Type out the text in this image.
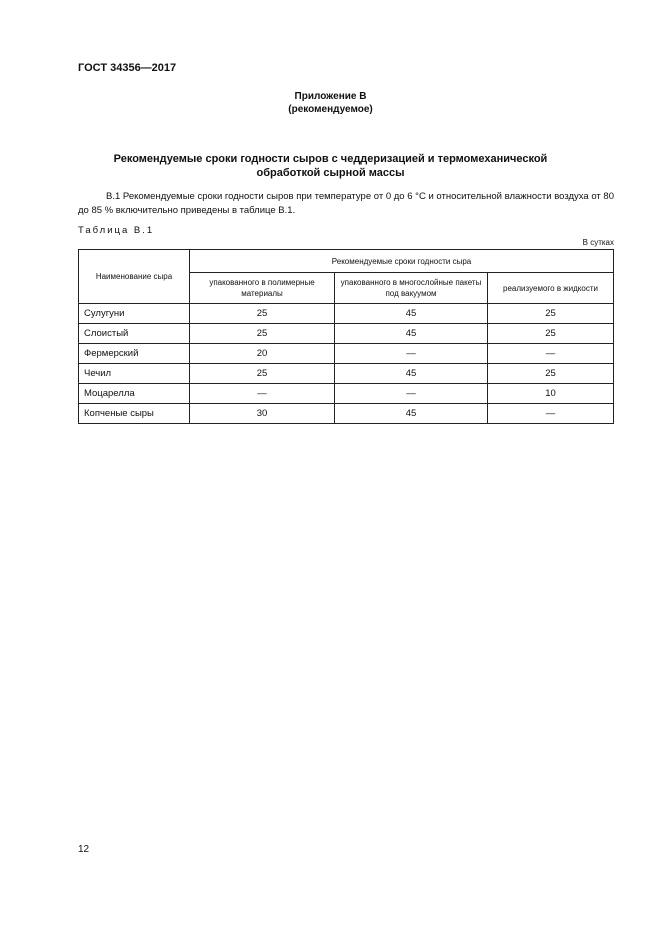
ГОСТ 34356—2017
Приложение В
(рекомендуемое)
Рекомендуемые сроки годности сыров с чеддеризацией и термомеханической
обработкой сырной массы
В.1 Рекомендуемые сроки годности сыров при температуре от 0 до 6 °С и относительной влажности воздуха от 80 до 85 % включительно приведены в таблице В.1.
Таблица В.1
В сутках
Наименование сыра	Рекомендуемые сроки годности сыра		
	упакованного в полимерные материалы	упакованного в многослойные пакеты под вакуумом	реализуемого в жидкости
Сулугуни	25	45	25
Слоистый	25	45	25
Фермерский	20	—	—
Чечил	25	45	25
Моцарелла	—	—	10
Копченые сыры	30	45	—
12
